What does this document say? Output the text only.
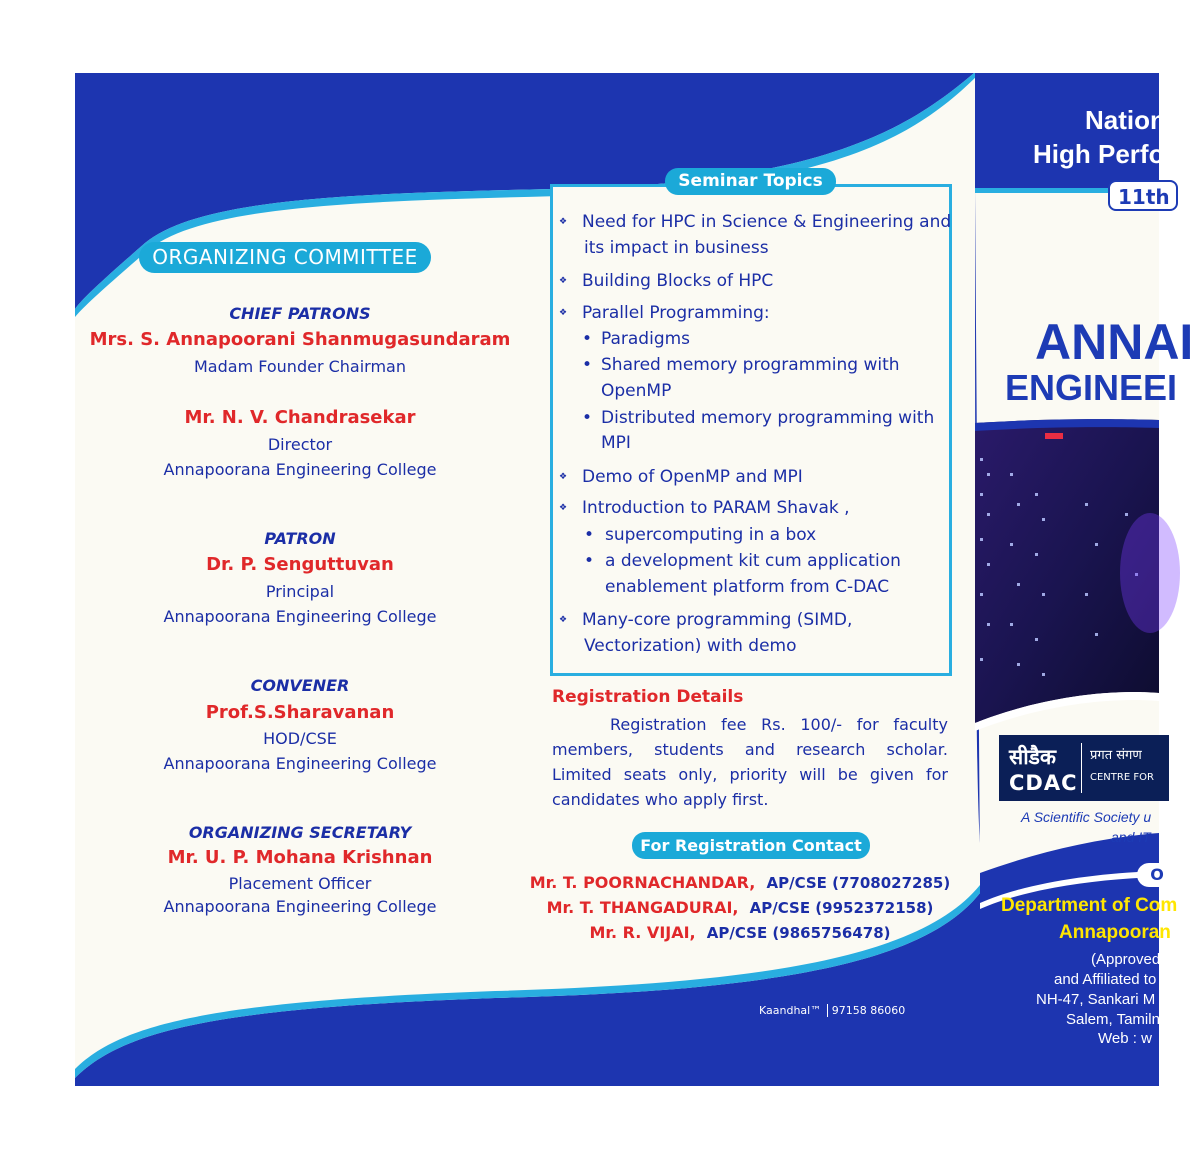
ORGANIZING COMMITTEE
CHIEF PATRONS
Mrs. S. Annapoorani Shanmugasundaram
Madam Founder Chairman
Mr. N. V. Chandrasekar
Director
Annapoorana Engineering College
PATRON
Dr. P. Senguttuvan
Principal
Annapoorana Engineering College
CONVENER
Prof.S.Sharavanan
HOD/CSE
Annapoorana Engineering College
ORGANIZING SECRETARY
Mr. U. P. Mohana Krishnan
Placement Officer
Annapoorana Engineering College
Seminar Topics
❖ Need for HPC in Science & Engineering and
its impact in business
❖ Building Blocks of HPC
❖ Parallel Programming:
• Paradigms
• Shared memory programming with
OpenMP
• Distributed memory programming with
MPI
❖ Demo of OpenMP and MPI
❖ Introduction to PARAM Shavak ,
• supercomputing in a box
• a development kit cum application
enablement platform from C-DAC
❖ Many-core programming (SIMD,
Vectorization) with demo
Registration Details
Registration fee Rs. 100/- for faculty members, students and research scholar. Limited seats only, priority will be given for candidates who apply first.
For Registration Contact
Mr. T. POORNACHANDAR, AP/CSE (7708027285)
Mr. T. THANGADURAI, AP/CSE (9952372158)
Mr. R. VIJAI, AP/CSE (9865756478)
Kaandhal™ 97158 86060
Nation
High Perfor
11th
ANNAI
ENGINEEI
सीडैक
CDAC
प्रगत संगण
CENTRE FOR
A Scientific Society u
and IT
O
Department of Com
Annapooran
(Approved
and Affiliated to
NH-47, Sankari M
Salem, Tamiln
Web : w
